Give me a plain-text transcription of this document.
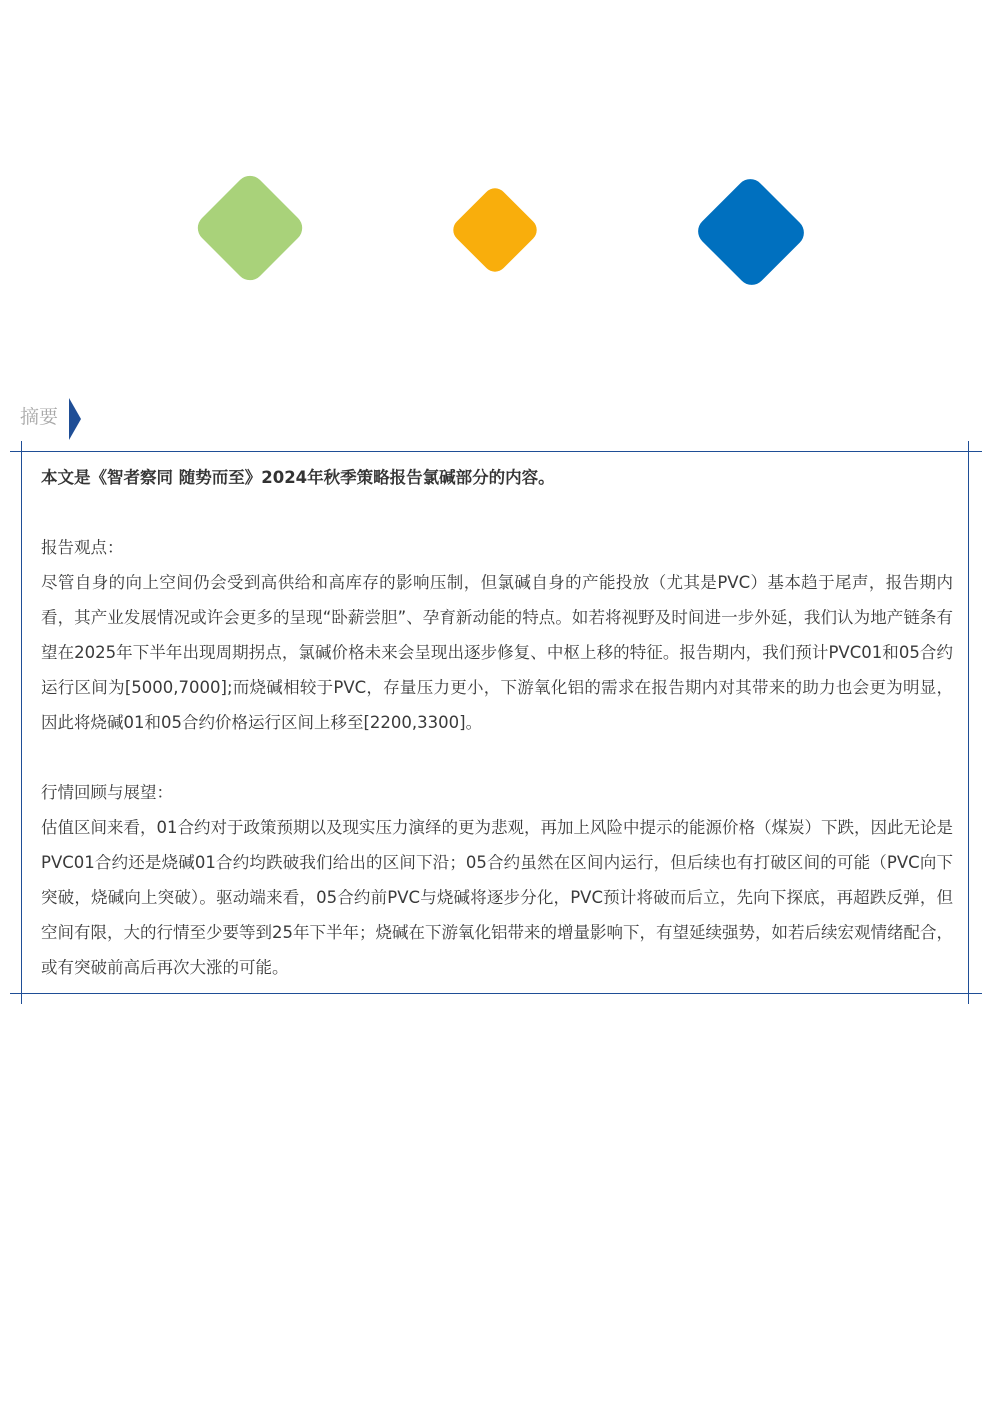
摘要

本文是《智者察同 随势而至》2024年秋季策略报告氯碱部分的内容。

报告观点：

尽管自身的向上空间仍会受到高供给和高库存的影响压制，但氯碱自身的产能投放（尤其是PVC）基本趋于尾声，报告期内看，其产业发展情况或许会更多的呈现“卧薪尝胆”、孕育新动能的特点。如若将视野及时间进一步外延，我们认为地产链条有望在2025年下半年出现周期拐点，氯碱价格未来会呈现出逐步修复、中枢上移的特征。报告期内，我们预计PVC01和05合约运行区间为[5000,7000];而烧碱相较于PVC，存量压力更小，下游氧化铝的需求在报告期内对其带来的助力也会更为明显，因此将烧碱01和05合约价格运行区间上移至[2200,3300]。

行情回顾与展望：

估值区间来看，01合约对于政策预期以及现实压力演绎的更为悲观，再加上风险中提示的能源价格（煤炭）下跌，因此无论是PVC01合约还是烧碱01合约均跌破我们给出的区间下沿；05合约虽然在区间内运行，但后续也有打破区间的可能（PVC向下突破，烧碱向上突破）。驱动端来看，05合约前PVC与烧碱将逐步分化，PVC预计将破而后立，先向下探底，再超跌反弹，但空间有限，大的行情至少要等到25年下半年；烧碱在下游氧化铝带来的增量影响下，有望延续强势，如若后续宏观情绪配合，或有突破前高后再次大涨的可能。
